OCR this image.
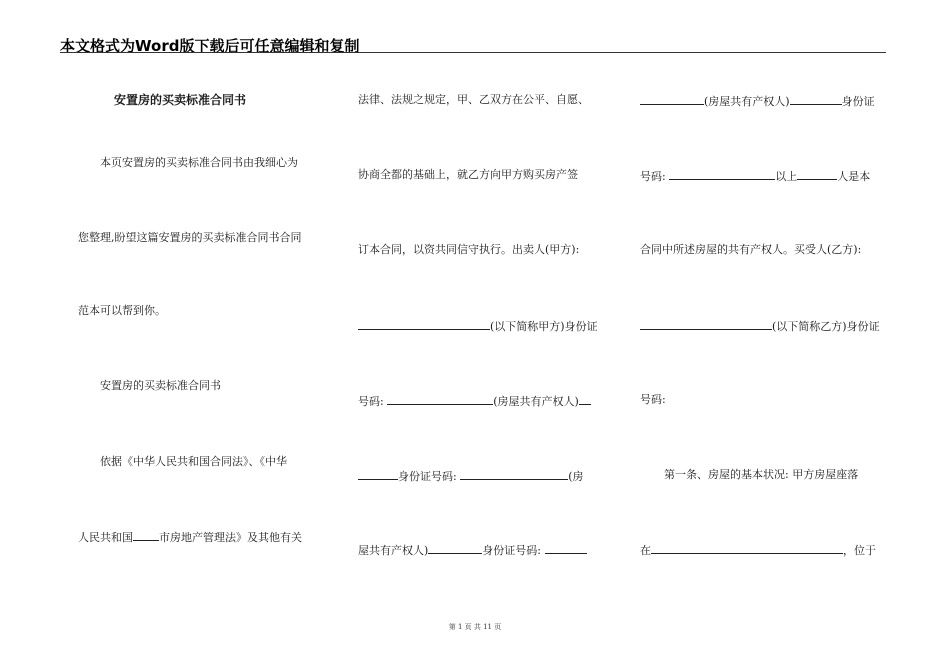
本文格式为Word版下载后可任意编辑和复制
安置房的买卖标准合同书
本页安置房的买卖标准合同书由我细心为
您整理,盼望这篇安置房的买卖标准合同书合同
范本可以帮到你。
安置房的买卖标准合同书
依据《中华人民共和国合同法》、《中华
人民共和国 市房地产管理法》及其他有关
法律、法规之规定，甲、乙双方在公平、自愿、
协商全都的基础上，就乙方向甲方购买房产签
订本合同，以资共同信守执行。出卖人(甲方):
(以下简称甲方)身份证
号码:	(房屋共有产权人)
身份证号码:	(房
屋共有产权人)	身份证号码:
(房屋共有产权人)	身份证
号码:	以上	人是本
合同中所述房屋的共有产权人。买受人(乙方):
(以下简称乙方)身份证
号码:
第一条、房屋的基本状况: 甲方房屋座落
在	，位于
第 1 页 共 11 页
